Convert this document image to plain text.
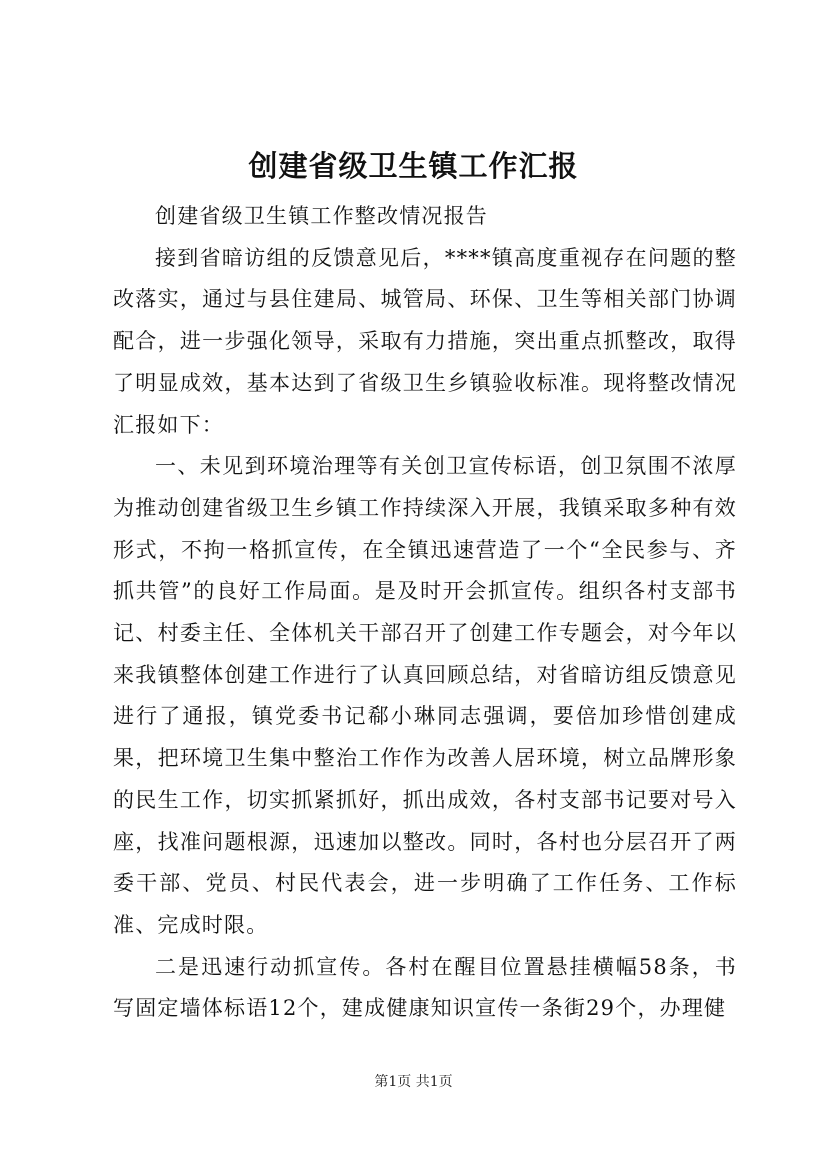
创建省级卫生镇工作汇报

创建省级卫生镇工作整改情况报告

接到省暗访组的反馈意见后，****镇高度重视存在问题的整改落实，通过与县住建局、城管局、环保、卫生等相关部门协调配合，进一步强化领导，采取有力措施，突出重点抓整改，取得了明显成效，基本达到了省级卫生乡镇验收标准。现将整改情况汇报如下：

一、未见到环境治理等有关创卫宣传标语，创卫氛围不浓厚为推动创建省级卫生乡镇工作持续深入开展，我镇采取多种有效形式，不拘一格抓宣传，在全镇迅速营造了一个“全民参与、齐抓共管”的良好工作局面。是及时开会抓宣传。组织各村支部书记、村委主任、全体机关干部召开了创建工作专题会，对今年以来我镇整体创建工作进行了认真回顾总结，对省暗访组反馈意见进行了通报，镇党委书记郗小琳同志强调，要倍加珍惜创建成果，把环境卫生集中整治工作作为改善人居环境，树立品牌形象的民生工作，切实抓紧抓好，抓出成效，各村支部书记要对号入座，找准问题根源，迅速加以整改。同时，各村也分层召开了两委干部、党员、村民代表会，进一步明确了工作任务、工作标准、完成时限。

二是迅速行动抓宣传。各村在醒目位置悬挂横幅58条，书写固定墙体标语12个，建成健康知识宣传一条街29个，办理健

第1页 共1页
